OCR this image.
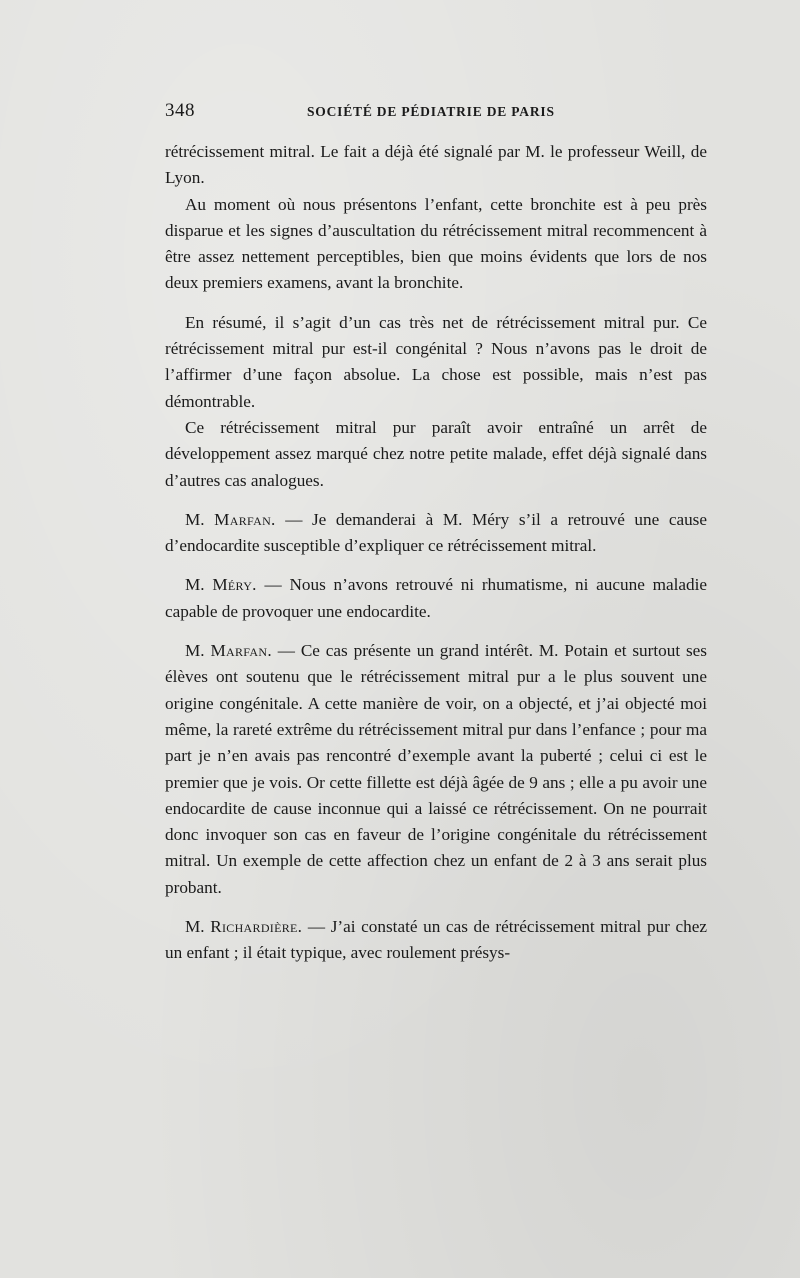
348	SOCIÉTÉ DE PÉDIATRIE DE PARIS

rétrécissement mitral. Le fait a déjà été signalé par M. le professeur Weill, de Lyon.

Au moment où nous présentons l’enfant, cette bronchite est à peu près disparue et les signes d’auscultation du rétrécissement mitral recommencent à être assez nettement perceptibles, bien que moins évidents que lors de nos deux premiers examens, avant la bronchite.

En résumé, il s’agit d’un cas très net de rétrécissement mitral pur. Ce rétrécissement mitral pur est-il congénital ? Nous n’avons pas le droit de l’affirmer d’une façon absolue. La chose est possible, mais n’est pas démontrable.

Ce rétrécissement mitral pur paraît avoir entraîné un arrêt de développement assez marqué chez notre petite malade, effet déjà signalé dans d’autres cas analogues.

M. Marfan. — Je demanderai à M. Méry s’il a retrouvé une cause d’endocardite susceptible d’expliquer ce rétrécissement mitral.

M. Méry. — Nous n’avons retrouvé ni rhumatisme, ni aucune maladie capable de provoquer une endocardite.

M. Marfan. — Ce cas présente un grand intérêt. M. Potain et surtout ses élèves ont soutenu que le rétrécissement mitral pur a le plus souvent une origine congénitale. A cette manière de voir, on a objecté, et j’ai objecté moi même, la rareté extrême du rétrécissement mitral pur dans l’enfance ; pour ma part je n’en avais pas rencontré d’exemple avant la puberté ; celui ci est le premier que je vois. Or cette fillette est déjà âgée de 9 ans ; elle a pu avoir une endocardite de cause inconnue qui a laissé ce rétrécissement. On ne pourrait donc invoquer son cas en faveur de l’origine congénitale du rétrécissement mitral. Un exemple de cette affection chez un enfant de 2 à 3 ans serait plus probant.

M. Richardière. — J’ai constaté un cas de rétrécissement mitral pur chez un enfant ; il était typique, avec roulement présys-
